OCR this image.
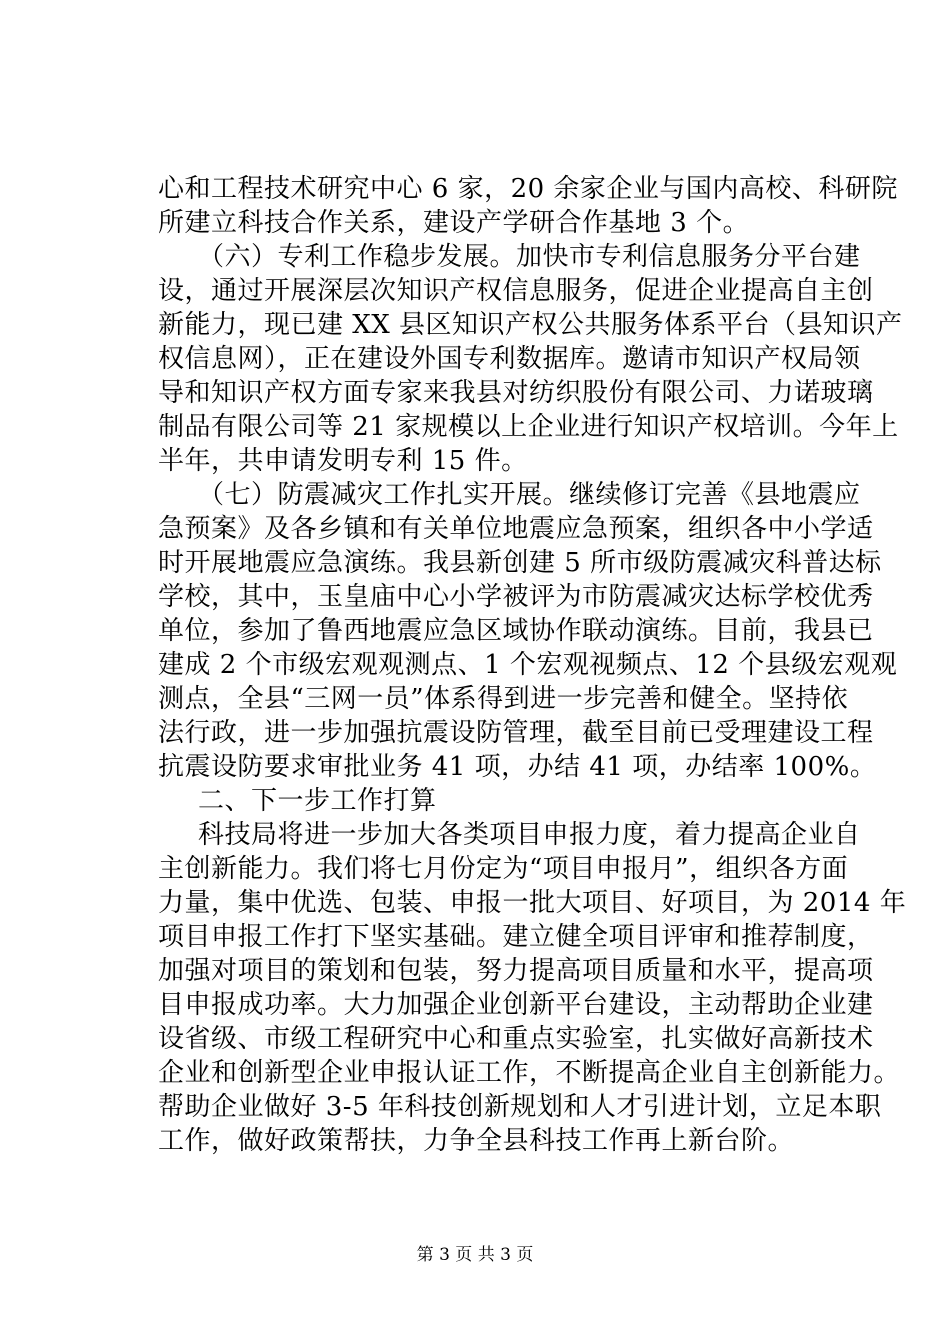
心和工程技术研究中心 6 家，20 余家企业与国内高校、科研院
所建立科技合作关系，建设产学研合作基地 3 个。
（六）专利工作稳步发展。加快市专利信息服务分平台建
设，通过开展深层次知识产权信息服务，促进企业提高自主创
新能力，现已建 XX 县区知识产权公共服务体系平台（县知识产
权信息网），正在建设外国专利数据库。邀请市知识产权局领
导和知识产权方面专家来我县对纺织股份有限公司、力诺玻璃
制品有限公司等 21 家规模以上企业进行知识产权培训。今年上
半年，共申请发明专利 15 件。
（七）防震减灾工作扎实开展。继续修订完善《县地震应
急预案》及各乡镇和有关单位地震应急预案，组织各中小学适
时开展地震应急演练。我县新创建 5 所市级防震减灾科普达标
学校，其中，玉皇庙中心小学被评为市防震减灾达标学校优秀
单位，参加了鲁西地震应急区域协作联动演练。目前，我县已
建成 2 个市级宏观观测点、1 个宏观视频点、12 个县级宏观观
测点，全县“三网一员”体系得到进一步完善和健全。坚持依
法行政，进一步加强抗震设防管理，截至目前已受理建设工程
抗震设防要求审批业务 41 项，办结 41 项，办结率 100%。
二、下一步工作打算
科技局将进一步加大各类项目申报力度，着力提高企业自
主创新能力。我们将七月份定为“项目申报月”，组织各方面
力量，集中优选、包装、申报一批大项目、好项目，为 2014 年
项目申报工作打下坚实基础。建立健全项目评审和推荐制度，
加强对项目的策划和包装，努力提高项目质量和水平，提高项
目申报成功率。大力加强企业创新平台建设，主动帮助企业建
设省级、市级工程研究中心和重点实验室，扎实做好高新技术
企业和创新型企业申报认证工作，不断提高企业自主创新能力。
帮助企业做好 3-5 年科技创新规划和人才引进计划，立足本职
工作，做好政策帮扶，力争全县科技工作再上新台阶。
第 3 页 共 3 页
